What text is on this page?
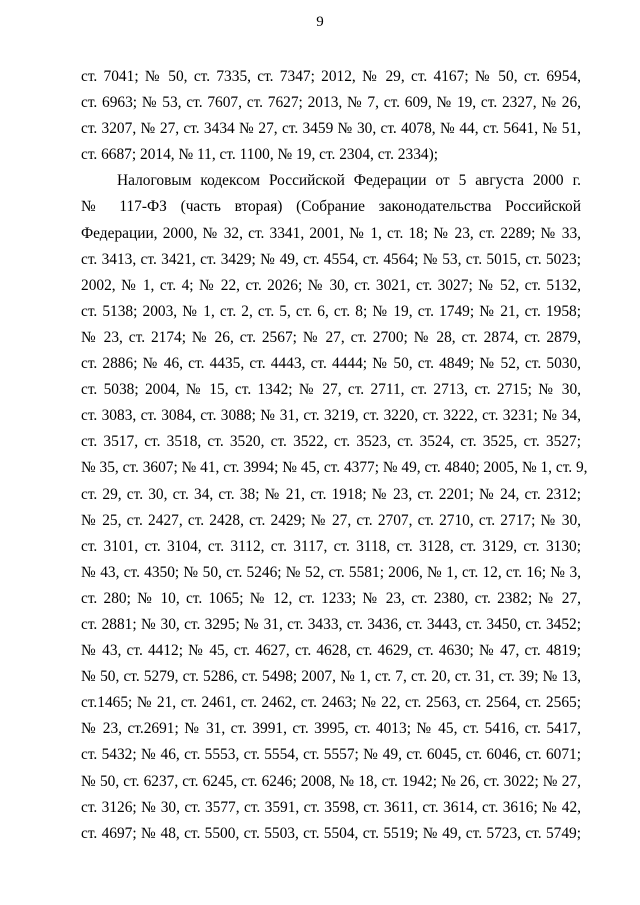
9
ст. 7041; № 50, ст. 7335, ст. 7347; 2012, № 29, ст. 4167; № 50, ст. 6954,
ст. 6963; № 53, ст. 7607, ст. 7627; 2013, № 7, ст. 609, № 19, ст. 2327, № 26,
ст. 3207, № 27, ст. 3434 № 27, ст. 3459 № 30, ст. 4078, № 44, ст. 5641, № 51,
ст. 6687; 2014, № 11, ст. 1100, № 19, ст. 2304, ст. 2334);
Налоговым кодексом Российской Федерации от 5 августа 2000 г.
№ 117-ФЗ (часть вторая) (Собрание законодательства Российской
Федерации, 2000, № 32, ст. 3341, 2001, № 1, ст. 18; № 23, ст. 2289; № 33,
ст. 3413, ст. 3421, ст. 3429; № 49, ст. 4554, ст. 4564; № 53, ст. 5015, ст. 5023;
2002, № 1, ст. 4; № 22, ст. 2026; № 30, ст. 3021, ст. 3027; № 52, ст. 5132,
ст. 5138; 2003, № 1, ст. 2, ст. 5, ст. 6, ст. 8; № 19, ст. 1749; № 21, ст. 1958;
№ 23, ст. 2174; № 26, ст. 2567; № 27, ст. 2700; № 28, ст. 2874, ст. 2879,
ст. 2886; № 46, ст. 4435, ст. 4443, ст. 4444; № 50, ст. 4849; № 52, ст. 5030,
ст. 5038; 2004, № 15, ст. 1342; № 27, ст. 2711, ст. 2713, ст. 2715; № 30,
ст. 3083, ст. 3084, ст. 3088; № 31, ст. 3219, ст. 3220, ст. 3222, ст. 3231; № 34,
ст. 3517, ст. 3518, ст. 3520, ст. 3522, ст. 3523, ст. 3524, ст. 3525, ст. 3527;
№ 35, ст. 3607; № 41, ст. 3994; № 45, ст. 4377; № 49, ст. 4840; 2005, № 1, ст. 9,
ст. 29, ст. 30, ст. 34, ст. 38; № 21, ст. 1918; № 23, ст. 2201; № 24, ст. 2312;
№ 25, ст. 2427, ст. 2428, ст. 2429; № 27, ст. 2707, ст. 2710, ст. 2717; № 30,
ст. 3101, ст. 3104, ст. 3112, ст. 3117, ст. 3118, ст. 3128, ст. 3129, ст. 3130;
№ 43, ст. 4350; № 50, ст. 5246; № 52, ст. 5581; 2006, № 1, ст. 12, ст. 16; № 3,
ст. 280; № 10, ст. 1065; № 12, ст. 1233; № 23, ст. 2380, ст. 2382; № 27,
ст. 2881; № 30, ст. 3295; № 31, ст. 3433, ст. 3436, ст. 3443, ст. 3450, ст. 3452;
№ 43, ст. 4412; № 45, ст. 4627, ст. 4628, ст. 4629, ст. 4630; № 47, ст. 4819;
№ 50, ст. 5279, ст. 5286, ст. 5498; 2007, № 1, ст. 7, ст. 20, ст. 31, ст. 39; № 13,
ст.1465; № 21, ст. 2461, ст. 2462, ст. 2463; № 22, ст. 2563, ст. 2564, ст. 2565;
№ 23, ст.2691; № 31, ст. 3991, ст. 3995, ст. 4013; № 45, ст. 5416, ст. 5417,
ст. 5432; № 46, ст. 5553, ст. 5554, ст. 5557; № 49, ст. 6045, ст. 6046, ст. 6071;
№ 50, ст. 6237, ст. 6245, ст. 6246; 2008, № 18, ст. 1942; № 26, ст. 3022; № 27,
ст. 3126; № 30, ст. 3577, ст. 3591, ст. 3598, ст. 3611, ст. 3614, ст. 3616; № 42,
ст. 4697; № 48, ст. 5500, ст. 5503, ст. 5504, ст. 5519; № 49, ст. 5723, ст. 5749;
